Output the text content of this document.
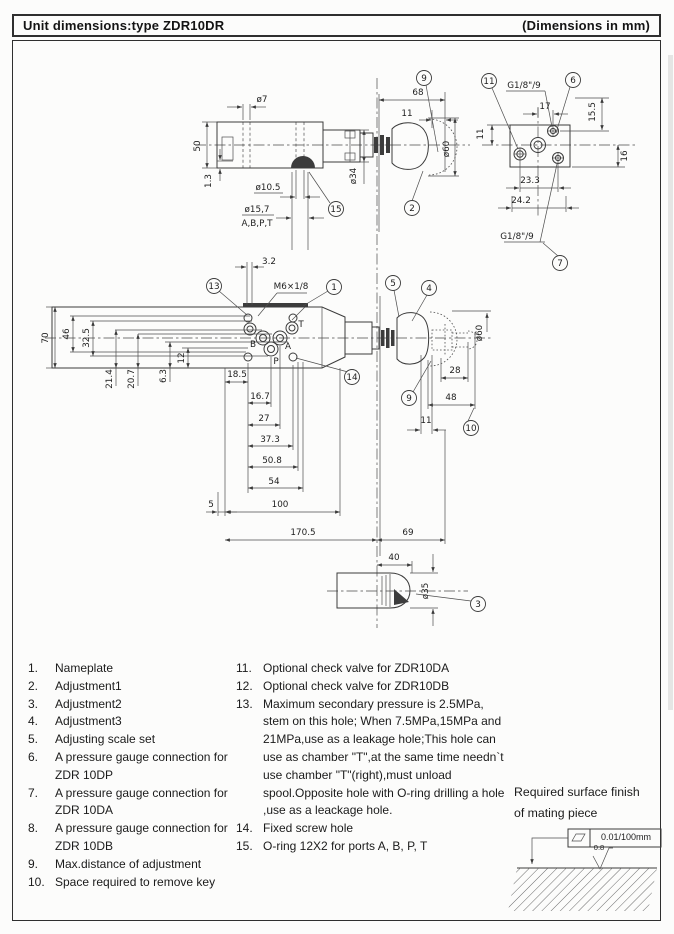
Unit dimensions:type ZDR10DR	(Dimensions in mm)
ø7
50
1.3	ø10.5
ø15,7
A,B,P,T
ø34
68
11
ø60
G1/8"/9
17	15.5
11
16
23.3
24.2
G1/8"/9
3.2
M6×1/8
70 46 32.5
21.4 20.7	6.3
12
18.5
16.7
27
37.3
50.8
54
5	100
170.5	69
28
48
11
ø60
B	A
P
T
40
ø35
9
2
15
11	6
7
13	1	5	4
14
9
10
3
1.	Nameplate
2.	Adjustment1
3.	Adjustment2
4.	Adjustment3
5.	Adjusting scale set
6.	A pressure gauge connection for ZDR 10DP
7.	A pressure gauge connection for ZDR 10DA
8.	A pressure gauge connection for ZDR 10DB
9.	Max.distance of adjustment
10. Space required to remove key
11. Optional check valve for ZDR10DA
12. Optional check valve for ZDR10DB
13. Maximum secondary pressure is 2.5MPa, stem on this hole; When 7.5MPa,15MPa and 21MPa,use as a leakage hole;This hole can use as chamber "T",at the same time needn`t use chamber "T"(right),must unload spool.Opposite hole with O-ring drilling a hole ,use as a leackage hole.
14. Fixed screw hole
15. O-ring 12X2 for ports A, B, P, T
Required surface finish
of mating piece
0.01/100mm
0.8
